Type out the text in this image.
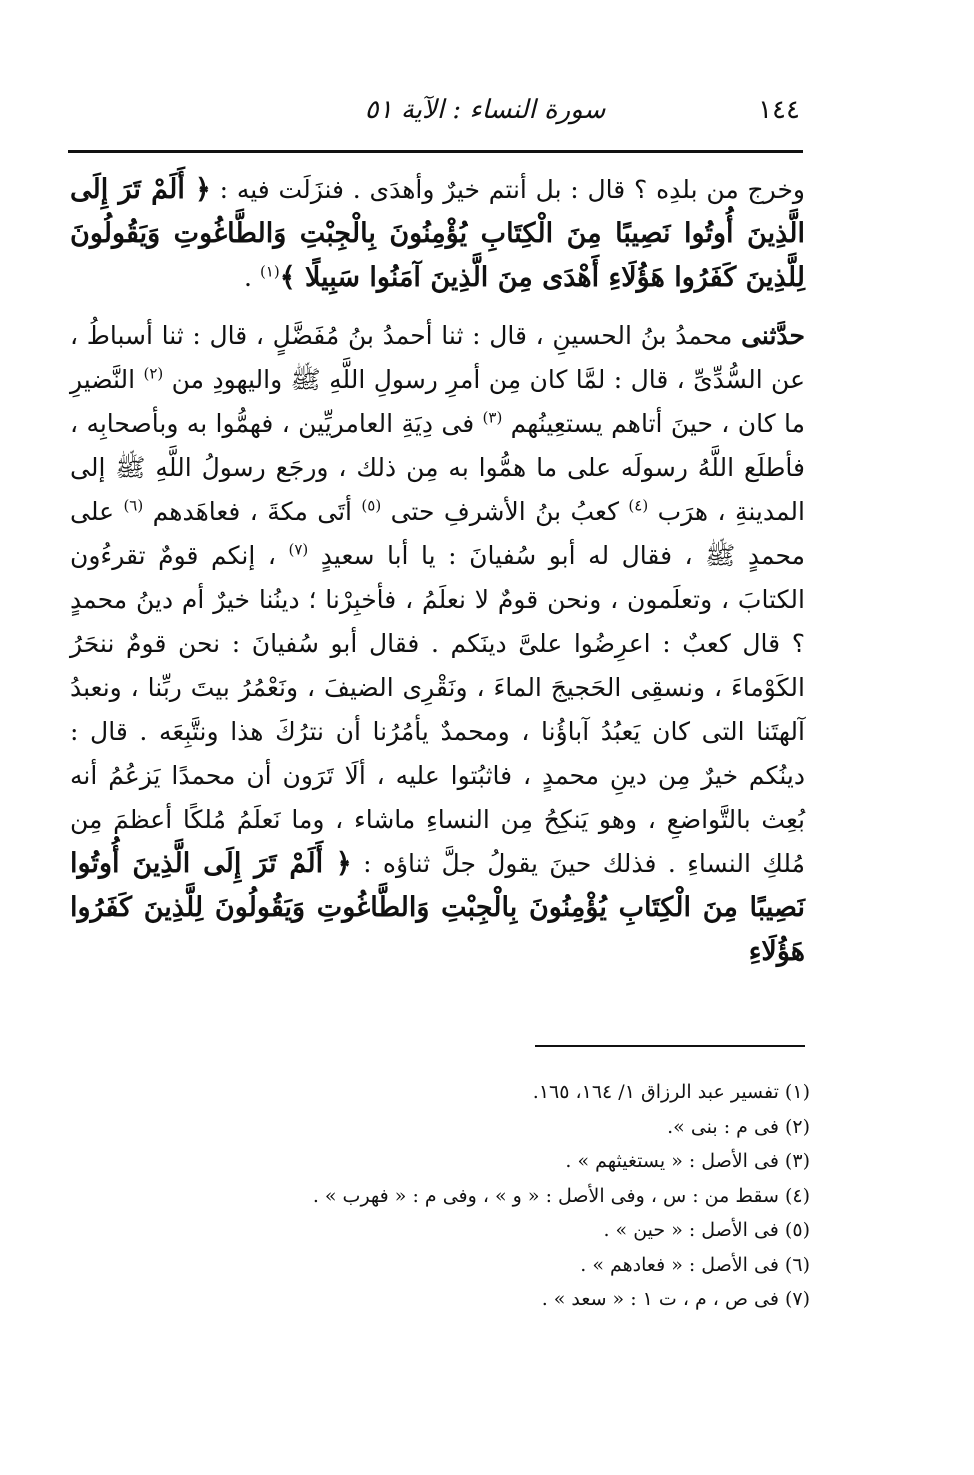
١٤٤
سورة النساء : الآية ٥١

وخرج من بلدِه ؟ قال : بل أنتم خيرٌ وأهدَى . فنزَلَت فيه : ﴿ أَلَمْ تَرَ إِلَى الَّذِينَ أُوتُوا نَصِيبًا مِنَ الْكِتَابِ يُؤْمِنُونَ بِالْجِبْتِ وَالطَّاغُوتِ وَيَقُولُونَ لِلَّذِينَ كَفَرُوا هَؤُلَاءِ أَهْدَى مِنَ الَّذِينَ آمَنُوا سَبِيلًا ﴾$^{(١)}$ .

حدَّثنى محمدُ بنُ الحسينِ ، قال : ثنا أحمدُ بنُ مُفَضَّلٍ ، قال : ثنا أسباطُ ، عن السُّدِّىِّ ، قال : لمَّا كان مِن أمرِ رسولِ اللَّهِ ﷺ واليهودِ من $^{(٢)}$ النَّضيرِ ما كان ، حينَ أتاهم يستعِينُهم $^{(٣)}$ فى دِيَةِ العامريِّين ، فهمُّوا به وبأصحابِه ، فأطلَع اللَّهُ رسولَه على ما همُّوا به مِن ذلك ، ورجَع رسولُ اللَّهِ ﷺ إلى المدينةِ ، هرَب $^{(٤)}$ كعبُ بنُ الأشرفِ حتى $^{(٥)}$ أتَى مكةَ ، فعاهَدهم $^{(٦)}$ على محمدٍ ﷺ ، فقال له أبو سُفيانَ : يا أبا سعيدٍ $^{(٧)}$ ، إنكم قومٌ تقرءُون الكتابَ ، وتعلَمون ، ونحن قومٌ لا نعلَمُ ، فأخبِرْنا ؛ دينُنا خيرٌ أم دينُ محمدٍ ؟ قال كعبٌ : اعرِضُوا علىَّ دينَكم . فقال أبو سُفيانَ : نحن قومٌ ننحَرُ الكَوْماءَ ، ونسقِى الحَجيجَ الماءَ ، ونَقْرِى الضيفَ ، ونَعْمُرُ بيتَ ربِّنا ، ونعبدُ آلهتَنا التى كان يَعبُدُ آباؤُنا ، ومحمدٌ يأمُرُنا أن نترُكَ هذا ونتَّبِعَه . قال : دينُكم خيرٌ مِن دينِ محمدٍ ، فاثبُتوا عليه ، ألَا تَرَون أن محمدًا يَزعُمُ أنه بُعِث بالتَّواضعِ ، وهو يَنكِحُ مِن النساءِ ماشاء ، وما نَعلَمُ مُلكًا أعظمَ مِن مُلكِ النساءِ . فذلك حينَ يقولُ جلَّ ثناؤه : ﴿ أَلَمْ تَرَ إِلَى الَّذِينَ أُوتُوا نَصِيبًا مِنَ الْكِتَابِ يُؤْمِنُونَ بِالْجِبْتِ وَالطَّاغُوتِ وَيَقُولُونَ لِلَّذِينَ كَفَرُوا هَؤُلَاءِ

(١) تفسير عبد الرزاق ١/ ١٦٤، ١٦٥.
(٢) فى م : بنى ».
(٣) فى الأصل : « يستغيثهم » .
(٤) سقط من : س ، وفى الأصل : « و » ، وفى م : « فهرب » .
(٥) فى الأصل : « حين » .
(٦) فى الأصل : « فعادهم » .
(٧) فى ص ، م ، ت ١ : « سعد » .
